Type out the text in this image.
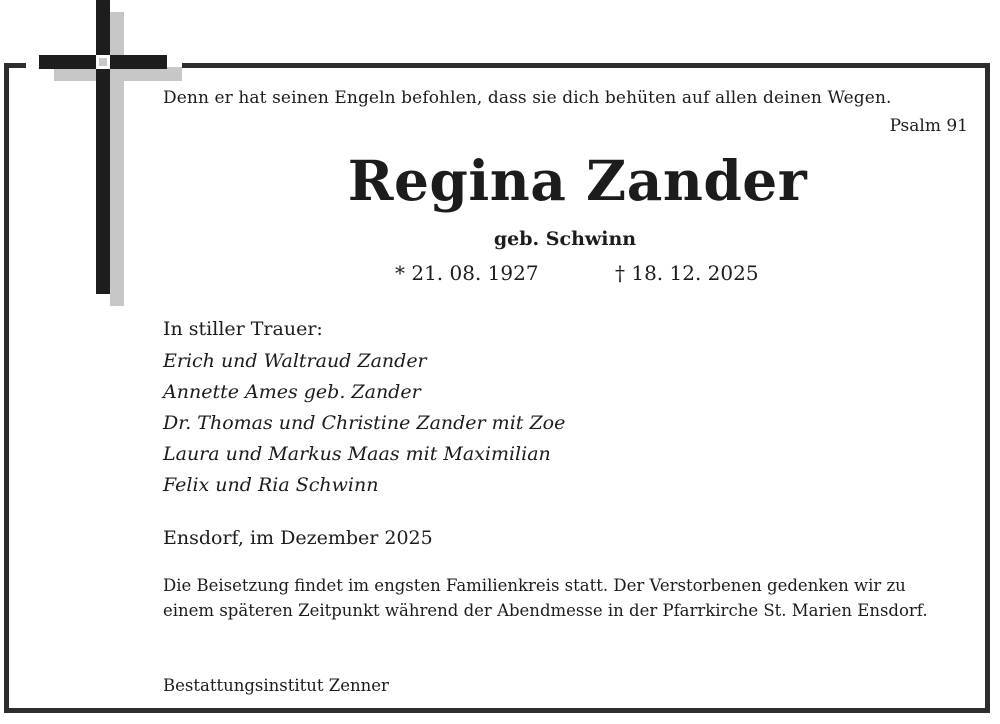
Denn er hat seinen Engeln befohlen, dass sie dich behüten auf allen deinen Wegen.
Psalm 91
Regina Zander
geb. Schwinn
* 21. 08. 1927	† 18. 12. 2025
In stiller Trauer:
Erich und Waltraud Zander
Annette Ames geb. Zander
Dr. Thomas und Christine Zander mit Zoe
Laura und Markus Maas mit Maximilian
Felix und Ria Schwinn
Ensdorf, im Dezember 2025

Die Beisetzung findet im engsten Familienkreis statt. Der Verstorbenen gedenken wir zu einem späteren Zeitpunkt während der Abendmesse in der Pfarrkirche St. Marien Ensdorf.

Bestattungsinstitut Zenner
